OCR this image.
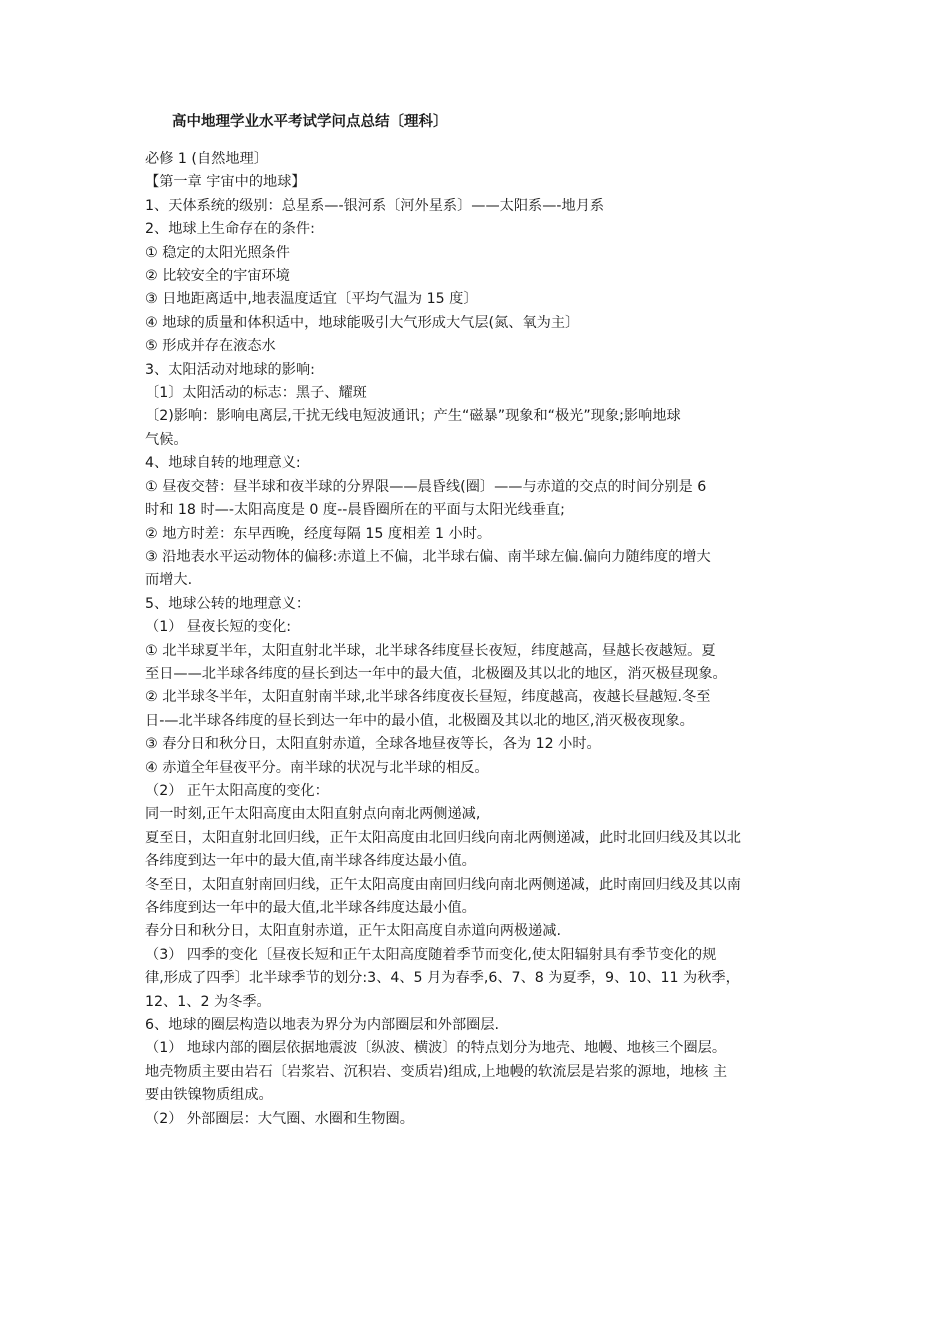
高中地理学业水平考试学问点总结〔理科〕
必修 1 (自然地理〕
【第一章 宇宙中的地球】
1、天体系统的级别：总星系—-银河系〔河外星系〕——太阳系—-地月系
2、地球上生命存在的条件:
① 稳定的太阳光照条件
② 比较安全的宇宙环境
③ 日地距离适中,地表温度适宜〔平均气温为 15 度〕
④ 地球的质量和体积适中，地球能吸引大气形成大气层(氮、氧为主〕
⑤ 形成并存在液态水
3、太阳活动对地球的影响:
〔1〕太阳活动的标志：黑子、耀斑
〔2)影响：影响电离层,干扰无线电短波通讯；产生“磁暴”现象和“极光”现象;影响地球
气候。
4、地球自转的地理意义:
① 昼夜交替：昼半球和夜半球的分界限——晨昏线(圈〕——与赤道的交点的时间分别是 6
时和 18 时—-太阳高度是 0 度--晨昏圈所在的平面与太阳光线垂直;
② 地方时差：东早西晚，经度每隔 15 度相差 1 小时。
③ 沿地表水平运动物体的偏移:赤道上不偏，北半球右偏、南半球左偏.偏向力随纬度的增大
而增大.
5、地球公转的地理意义：
（1） 昼夜长短的变化:
① 北半球夏半年，太阳直射北半球，北半球各纬度昼长夜短，纬度越高，昼越长夜越短。夏
至日——北半球各纬度的昼长到达一年中的最大值，北极圈及其以北的地区，消灭极昼现象。
② 北半球冬半年，太阳直射南半球,北半球各纬度夜长昼短，纬度越高，夜越长昼越短.冬至
日-—北半球各纬度的昼长到达一年中的最小值，北极圈及其以北的地区,消灭极夜现象。
③ 春分日和秋分日，太阳直射赤道，全球各地昼夜等长，各为 12 小时。
④ 赤道全年昼夜平分。南半球的状况与北半球的相反。
（2） 正午太阳高度的变化：
同一时刻,正午太阳高度由太阳直射点向南北两侧递减,
夏至日，太阳直射北回归线，正午太阳高度由北回归线向南北两侧递减，此时北回归线及其以北
各纬度到达一年中的最大值,南半球各纬度达最小值。
冬至日，太阳直射南回归线，正午太阳高度由南回归线向南北两侧递减，此时南回归线及其以南
各纬度到达一年中的最大值,北半球各纬度达最小值。
春分日和秋分日，太阳直射赤道，正午太阳高度自赤道向两极递减.
（3） 四季的变化〔昼夜长短和正午太阳高度随着季节而变化,使太阳辐射具有季节变化的规
律,形成了四季〕北半球季节的划分:3、4、5 月为春季,6、7、8 为夏季，9、10、11 为秋季，
12、1、2 为冬季。
6、地球的圈层构造以地表为界分为内部圈层和外部圈层.
（1） 地球内部的圈层依据地震波〔纵波、横波〕的特点划分为地壳、地幔、地核三个圈层。
地壳物质主要由岩石〔岩浆岩、沉积岩、变质岩)组成,上地幔的软流层是岩浆的源地，地核 主
要由铁镍物质组成。
（2） 外部圈层：大气圈、水圈和生物圈。
